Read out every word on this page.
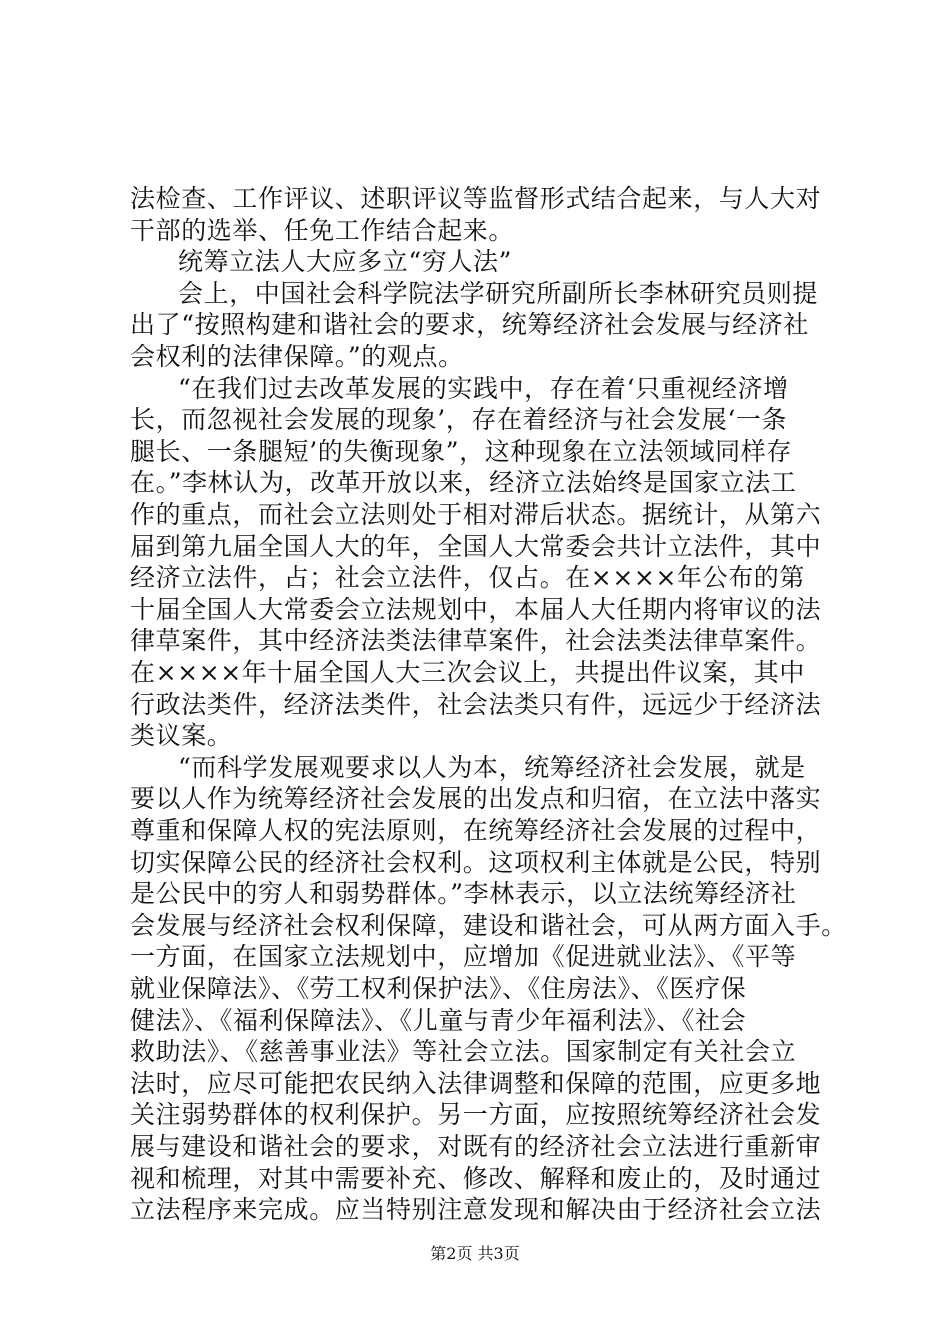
法检查、工作评议、述职评议等监督形式结合起来，与人大对
干部的选举、任免工作结合起来。
统筹立法人大应多立“穷人法”
会上，中国社会科学院法学研究所副所长李林研究员则提
出了“按照构建和谐社会的要求，统筹经济社会发展与经济社
会权利的法律保障。”的观点。
“在我们过去改革发展的实践中，存在着‘只重视经济增
长，而忽视社会发展的现象’，存在着经济与社会发展‘一条
腿长、一条腿短’的失衡现象”，这种现象在立法领域同样存
在。”李林认为，改革开放以来，经济立法始终是国家立法工
作的重点，而社会立法则处于相对滞后状态。据统计，从第六
届到第九届全国人大的年，全国人大常委会共计立法件，其中
经济立法件，占；社会立法件，仅占。在××××年公布的第
十届全国人大常委会立法规划中，本届人大任期内将审议的法
律草案件，其中经济法类法律草案件，社会法类法律草案件。
在××××年十届全国人大三次会议上，共提出件议案，其中
行政法类件，经济法类件，社会法类只有件，远远少于经济法
类议案。
“而科学发展观要求以人为本，统筹经济社会发展，就是
要以人作为统筹经济社会发展的出发点和归宿，在立法中落实
尊重和保障人权的宪法原则，在统筹经济社会发展的过程中，
切实保障公民的经济社会权利。这项权利主体就是公民，特别
是公民中的穷人和弱势群体。”李林表示，以立法统筹经济社
会发展与经济社会权利保障，建设和谐社会，可从两方面入手。
一方面，在国家立法规划中，应增加《促进就业法》、《平等
就业保障法》、《劳工权利保护法》、《住房法》、《医疗保
健法》、《福利保障法》、《儿童与青少年福利法》、《社会
救助法》、《慈善事业法》等社会立法。国家制定有关社会立
法时，应尽可能把农民纳入法律调整和保障的范围，应更多地
关注弱势群体的权利保护。另一方面，应按照统筹经济社会发
展与建设和谐社会的要求，对既有的经济社会立法进行重新审
视和梳理，对其中需要补充、修改、解释和废止的，及时通过
立法程序来完成。应当特别注意发现和解决由于经济社会立法
第2页 共3页
